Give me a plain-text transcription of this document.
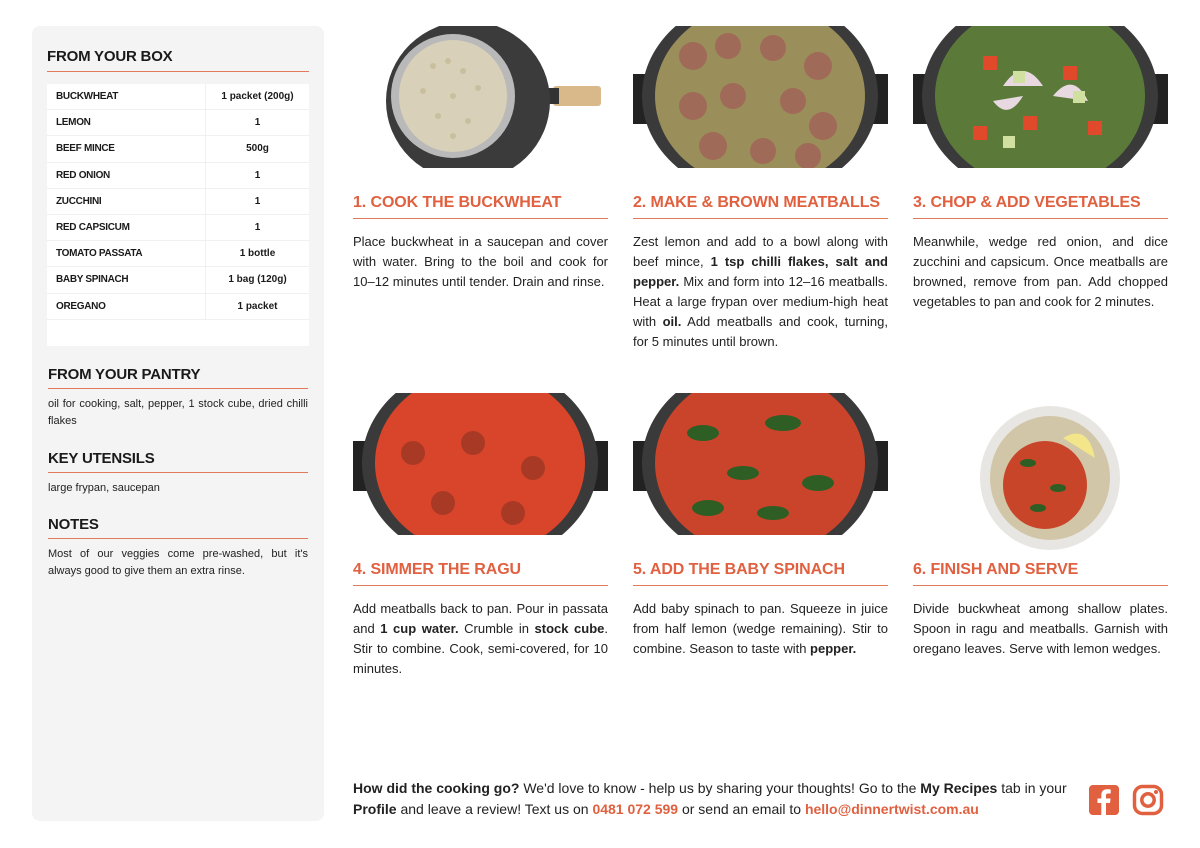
FROM YOUR BOX
BUCKWHEAT	1 packet (200g)
LEMON	1
BEEF MINCE	500g
RED ONION	1
ZUCCHINI	1
RED CAPSICUM	1
TOMATO PASSATA	1 bottle
BABY SPINACH	1 bag (120g)
OREGANO	1 packet
FROM YOUR PANTRY
oil for cooking, salt, pepper, 1 stock cube, dried chilli flakes
KEY UTENSILS
large frypan, saucepan
NOTES
Most of our veggies come pre-washed, but it's always good to give them an extra rinse.
1. COOK THE BUCKWHEAT
Place buckwheat in a saucepan and cover with water. Bring to the boil and cook for 10–12 minutes until tender. Drain and rinse.
2. MAKE & BROWN MEATBALLS
Zest lemon and add to a bowl along with beef mince, 1 tsp chilli flakes, salt and pepper. Mix and form into 12–16 meatballs. Heat a large frypan over medium-high heat with oil. Add meatballs and cook, turning, for 5 minutes until brown.
3. CHOP & ADD VEGETABLES
Meanwhile, wedge red onion, and dice zucchini and capsicum. Once meatballs are browned, remove from pan. Add chopped vegetables to pan and cook for 2 minutes.
4. SIMMER THE RAGU
Add meatballs back to pan. Pour in passata and 1 cup water. Crumble in stock cube. Stir to combine. Cook, semi-covered, for 10 minutes.
5. ADD THE BABY SPINACH
Add baby spinach to pan. Squeeze in juice from half lemon (wedge remaining). Stir to combine. Season to taste with pepper.
6. FINISH AND SERVE
Divide buckwheat among shallow plates. Spoon in ragu and meatballs. Garnish with oregano leaves. Serve with lemon wedges.
How did the cooking go? We'd love to know - help us by sharing your thoughts! Go to the My Recipes tab in your Profile and leave a review! Text us on 0481 072 599 or send an email to hello@dinnertwist.com.au
